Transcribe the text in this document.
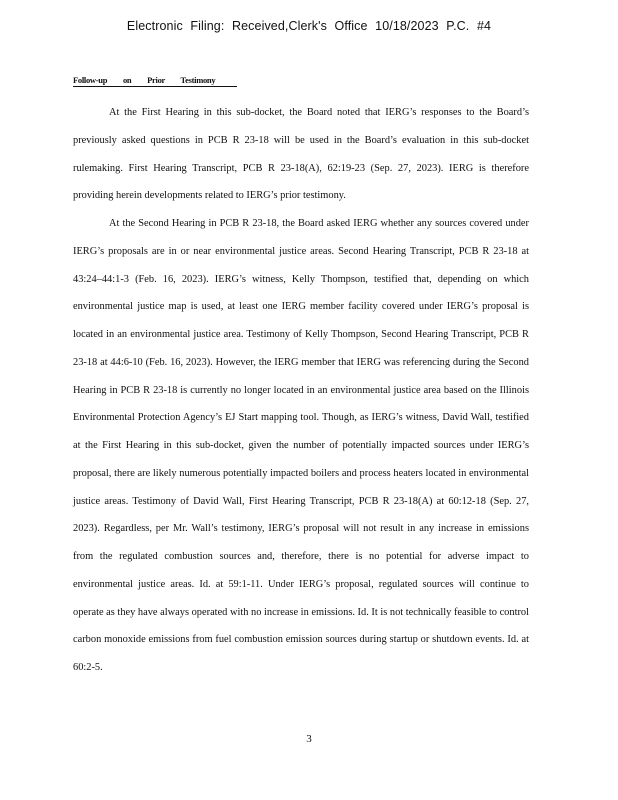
Electronic Filing: Received,Clerk's Office 10/18/2023 P.C. #4
Follow-up on Prior Testimony

At the First Hearing in this sub-docket, the Board noted that IERG’s responses to the Board’s previously asked questions in PCB R 23-18 will be used in the Board’s evaluation in this sub-docket rulemaking. First Hearing Transcript, PCB R 23-18(A), 62:19-23 (Sep. 27, 2023). IERG is therefore providing herein developments related to IERG’s prior testimony.

At the Second Hearing in PCB R 23-18, the Board asked IERG whether any sources covered under IERG’s proposals are in or near environmental justice areas. Second Hearing Transcript, PCB R 23-18 at 43:24–44:1-3 (Feb. 16, 2023). IERG’s witness, Kelly Thompson, testified that, depending on which environmental justice map is used, at least one IERG member facility covered under IERG’s proposal is located in an environmental justice area. Testimony of Kelly Thompson, Second Hearing Transcript, PCB R 23-18 at 44:6-10 (Feb. 16, 2023). However, the IERG member that IERG was referencing during the Second Hearing in PCB R 23-18 is currently no longer located in an environmental justice area based on the Illinois Environmental Protection Agency’s EJ Start mapping tool. Though, as IERG’s witness, David Wall, testified at the First Hearing in this sub-docket, given the number of potentially impacted sources under IERG’s proposal, there are likely numerous potentially impacted boilers and process heaters located in environmental justice areas. Testimony of David Wall, First Hearing Transcript, PCB R 23-18(A) at 60:12-18 (Sep. 27, 2023). Regardless, per Mr. Wall’s testimony, IERG’s proposal will not result in any increase in emissions from the regulated combustion sources and, therefore, there is no potential for adverse impact to environmental justice areas. Id. at 59:1-11. Under IERG’s proposal, regulated sources will continue to operate as they have always operated with no increase in emissions. Id. It is not technically feasible to control carbon monoxide emissions from fuel combustion emission sources during startup or shutdown events. Id. at 60:2-5.

3
